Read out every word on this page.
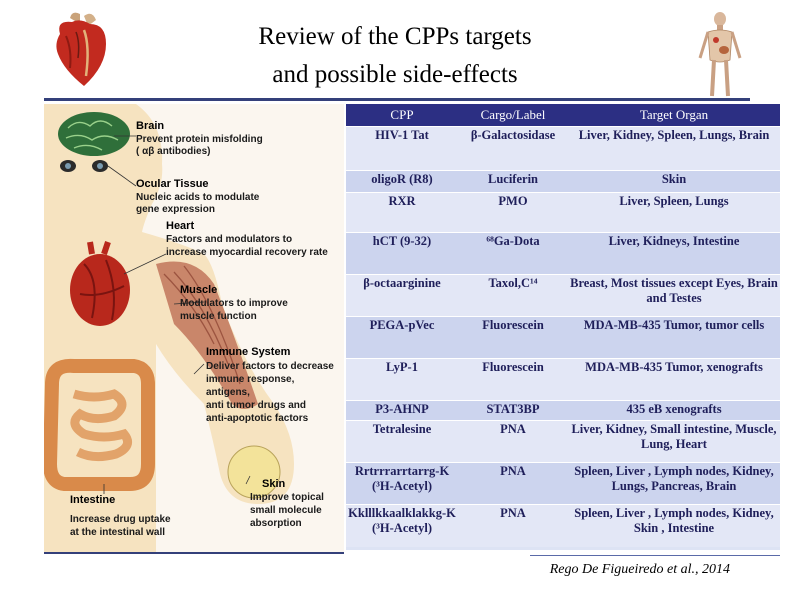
Review of the CPPs targets
and possible side-effects
Brain
Prevent protein misfolding
( αβ antibodies)
Ocular Tissue
Nucleic acids to modulate
gene expression
Heart
Factors and modulators to
increase myocardial recovery rate
Muscle
Modulators to improve
muscle function
Immune System
Deliver factors to decrease
immune response,
antigens,
anti tumor drugs and
anti-apoptotic factors
Skin
Improve topical
small molecule
absorption
Intestine
Increase drug uptake
at the intestinal wall
CPP	Cargo/Label	Target Organ
HIV-1 Tat	β-Galactosidase	Liver, Kidney, Spleen, Lungs, Brain
oligoR (R8)	Luciferin	Skin
RXR	PMO	Liver, Spleen, Lungs
hCT (9-32)	⁶⁸Ga-Dota	Liver, Kidneys, Intestine
β-octaarginine	Taxol,C¹⁴	Breast, Most tissues except Eyes, Brain and Testes
PEGA-pVec	Fluorescein	MDA-MB-435 Tumor, tumor cells
LyP-1	Fluorescein	MDA-MB-435 Tumor, xenografts
P3-AHNP	STAT3BP	435 eB xenografts
Tetralesine	PNA	Liver, Kidney, Small intestine, Muscle, Lung, Heart
Rrtrrrarrtarrg-K (³H-Acetyl)	PNA	Spleen, Liver , Lymph nodes, Kidney, Lungs, Pancreas, Brain
Kklllkkaalklakkg-K (³H-Acetyl)	PNA	Spleen, Liver , Lymph nodes, Kidney, Skin , Intestine
Rego De Figueiredo et al., 2014
